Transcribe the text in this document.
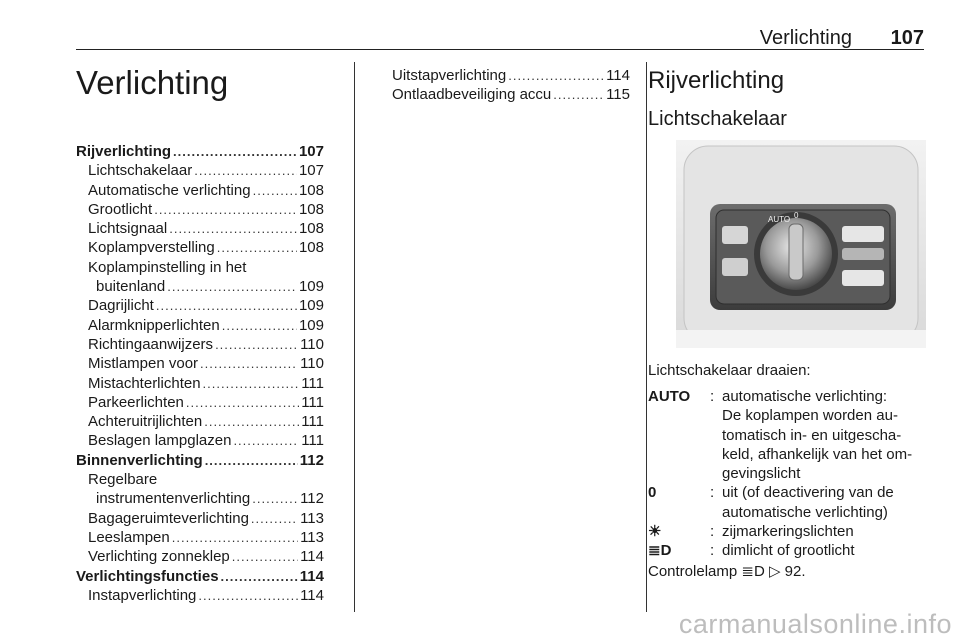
Verlichting 107
Verlichting
Rijverlichting .....	107
Lichtschakelaar .....	107
Automatische verlichting .....	108
Grootlicht .....	108
Lichtsignaal .....	108
Koplampverstelling .....	108
Koplampinstelling in het
buitenland .....	109
Dagrijlicht .....	109
Alarmknipperlichten .....	109
Richtingaanwijzers .....	110
Mistlampen voor .....	110
Mistachterlichten .....	111
Parkeerlichten .....	111
Achteruitrijlichten .....	111
Beslagen lampglazen .....	111
Binnenverlichting .....	112
Regelbare
instrumentenverlichting .....	112
Bagageruimteverlichting .....	113
Leeslampen .....	113
Verlichting zonneklep .....	114
Verlichtingsfuncties .....	114
Instapverlichting .....	114
Uitstapverlichting .....	114
Ontlaadbeveiliging accu .....	115
Rijverlichting
Lichtschakelaar
AUTO 0
Lichtschakelaar draaien:
AUTO	: automatische verlichting:
De koplampen worden au-
tomatisch in- en uitgescha-
keld, afhankelijk van het om-
gevingslicht
0	: uit (of deactivering van de
automatische verlichting)
☀	: zijmarkeringslichten
≣D	: dimlicht of grootlicht
Controlelamp ≣D ▷ 92.
carmanualsonline.info
